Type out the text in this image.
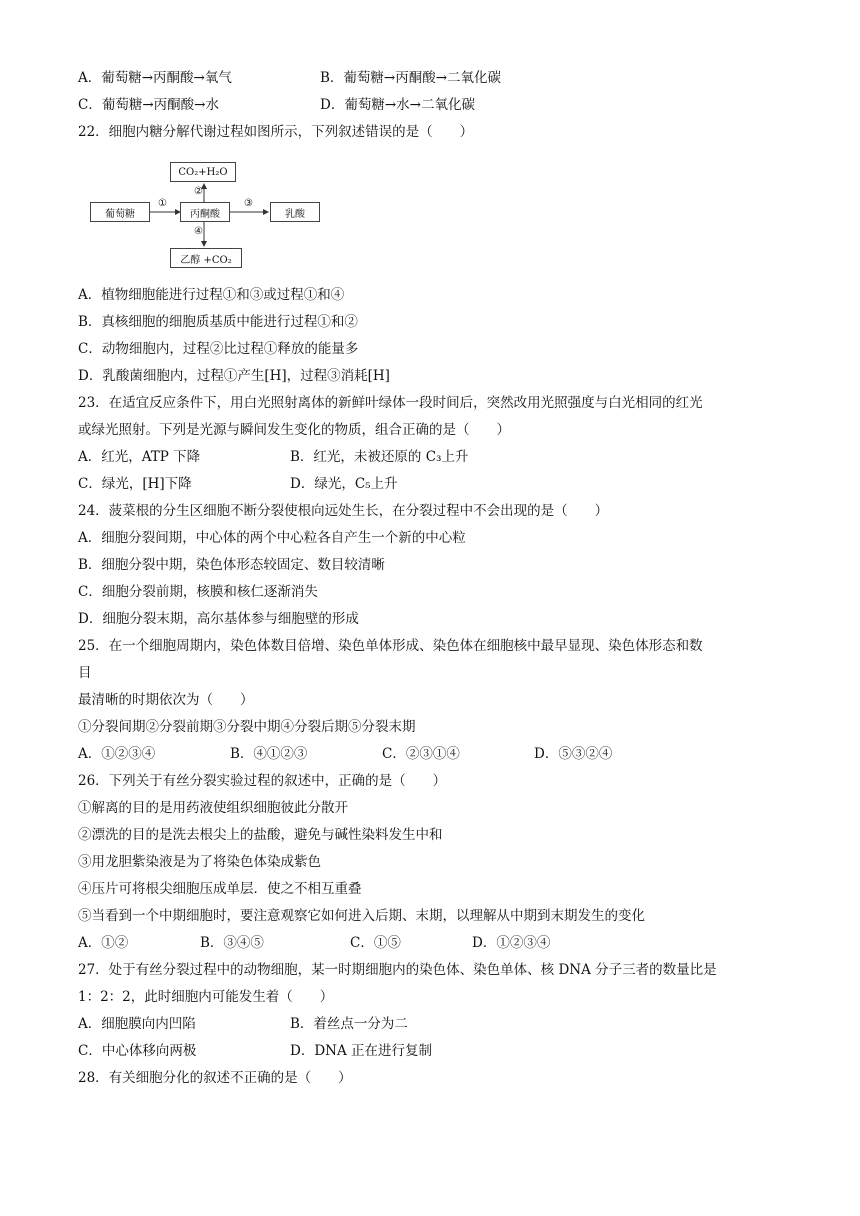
A．葡萄糖→丙酮酸→氧气	B．葡萄糖→丙酮酸→二氧化碳
C．葡萄糖→丙酮酸→水	D．葡萄糖→水→二氧化碳
22．细胞内糖分解代谢过程如图所示，下列叙述错误的是（　　）
CO₂+H₂O
葡萄糖	丙酮酸	乳酸
乙醇 +CO₂
①
②
③
④
A．植物细胞能进行过程①和③或过程①和④
B．真核细胞的细胞质基质中能进行过程①和②
C．动物细胞内，过程②比过程①释放的能量多
D．乳酸菌细胞内，过程①产生[H]，过程③消耗[H]
23．在适宜反应条件下，用白光照射离体的新鲜叶绿体一段时间后，突然改用光照强度与白光相同的红光
或绿光照射。下列是光源与瞬间发生变化的物质，组合正确的是（　　）
A．红光，ATP 下降	B．红光，未被还原的 C₃上升
C．绿光，[H]下降	D．绿光，C₅上升
24．菠菜根的分生区细胞不断分裂使根向远处生长，在分裂过程中不会出现的是（　　）
A．细胞分裂间期，中心体的两个中心粒各自产生一个新的中心粒
B．细胞分裂中期，染色体形态较固定、数目较清晰
C．细胞分裂前期，核膜和核仁逐渐消失
D．细胞分裂末期，高尔基体参与细胞壁的形成
25．在一个细胞周期内，染色体数目倍增、染色单体形成、染色体在细胞核中最早显现、染色体形态和数
目
最清晰的时期依次为（　　）
①分裂间期②分裂前期③分裂中期④分裂后期⑤分裂末期
A．①②③④	B．④①②③	C．②③①④	D．⑤③②④
26．下列关于有丝分裂实验过程的叙述中，正确的是（　　）
①解离的目的是用药液使组织细胞彼此分散开
②漂洗的目的是洗去根尖上的盐酸，避免与碱性染料发生中和
③用龙胆紫染液是为了将染色体染成紫色
④压片可将根尖细胞压成单层．使之不相互重叠
⑤当看到一个中期细胞时，要注意观察它如何进入后期、末期，以理解从中期到末期发生的变化
A．①②	B．③④⑤	C．①⑤	D．①②③④
27．处于有丝分裂过程中的动物细胞，某一时期细胞内的染色体、染色单体、核 DNA 分子三者的数量比是
1：2：2，此时细胞内可能发生着（　　）
A．细胞膜向内凹陷	B．着丝点一分为二
C．中心体移向两极	D．DNA 正在进行复制
28．有关细胞分化的叙述不正确的是（　　）
